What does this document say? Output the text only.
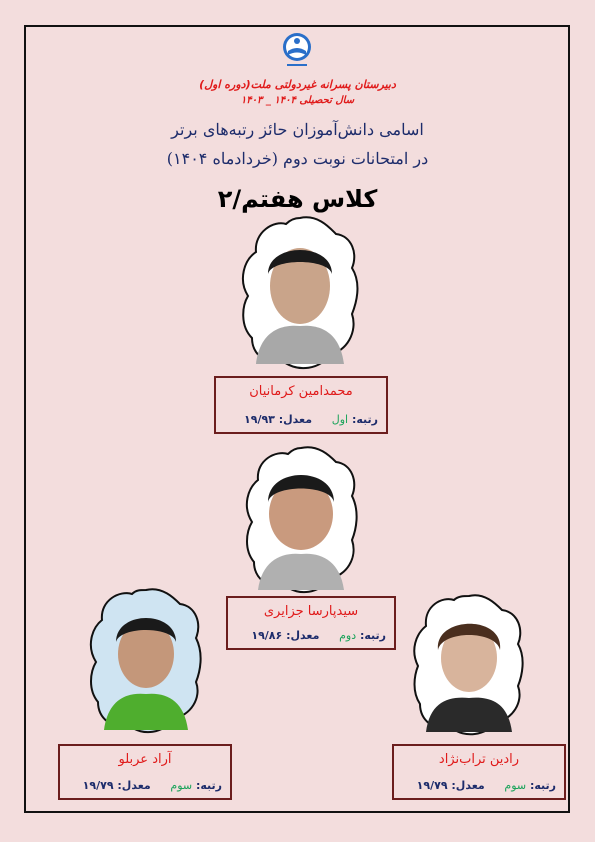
دبیرستان پسرانه غیردولتی ملت(دوره اول)
سال تحصیلی ۱۴۰۴ _ ۱۴۰۳
اسامی دانش‌آموزان حائز رتبه‌های برتر
در امتحانات نوبت دوم (خردادماه ۱۴۰۴)
کلاس هفتم/۲
محمدامین کرمانیان
رتبه: اول  معدل: ۱۹/۹۳
سیدپارسا جزایری
رتبه: دوم  معدل: ۱۹/۸۶
آراد عربلو
رتبه: سوم  معدل: ۱۹/۷۹
رادین تراب‌نژاد
رتبه: سوم  معدل: ۱۹/۷۹
